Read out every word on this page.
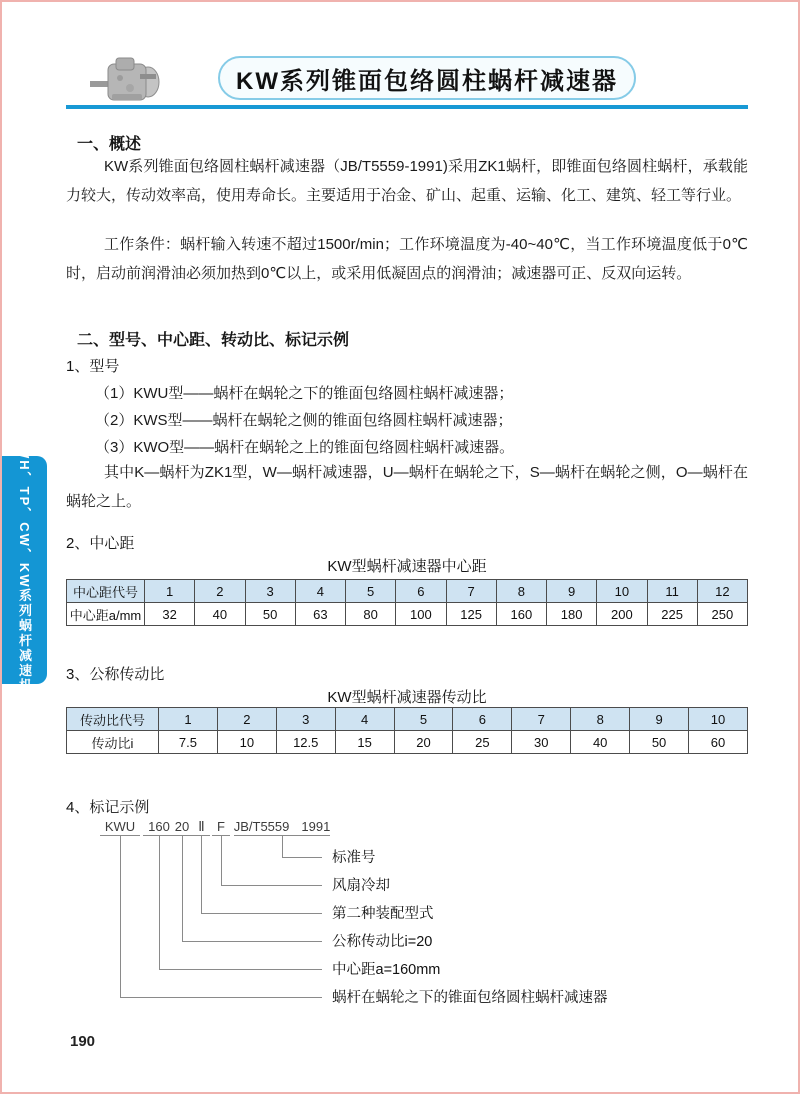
KW系列锥面包络圆柱蜗杆减速器
WH、TP、CW、KW系列蜗杆减速机
一、概述
KW系列锥面包络圆柱蜗杆减速器（JB/T5559-1991)采用ZK1蜗杆，即锥面包络圆柱蜗杆，承载能力较大，传动效率高，使用寿命长。主要适用于冶金、矿山、起重、运输、化工、建筑、轻工等行业。
工作条件：蜗杆输入转速不超过1500r/min；工作环境温度为-40~40℃，当工作环境温度低于0℃时，启动前润滑油必须加热到0℃以上，或采用低凝固点的润滑油；减速器可正、反双向运转。
二、型号、中心距、转动比、标记示例
1、型号
（1）KWU型——蜗杆在蜗轮之下的锥面包络圆柱蜗杆减速器；
（2）KWS型——蜗杆在蜗轮之侧的锥面包络圆柱蜗杆减速器；
（3）KWO型——蜗杆在蜗轮之上的锥面包络圆柱蜗杆减速器。
其中K—蜗杆为ZK1型，W—蜗杆减速器，U—蜗杆在蜗轮之下，S—蜗杆在蜗轮之侧，O—蜗杆在蜗轮之上。
2、中心距
KW型蜗杆减速器中心距
中心距代号	1	2	3	4	5	6	7	8	9	10	11	12
中心距a/mm	32	40	50	63	80	100	125	160	180	200	225	250
3、公称传动比
KW型蜗杆减速器传动比
传动比代号	1	2	3	4	5	6	7	8	9	10
传动比i	7.5	10	12.5	15	20	25	30	40	50	60
4、标记示例
KWU 160 20 Ⅱ F JB/T5559 1991
标准号
风扇冷却
第二种装配型式
公称传动比i=20
中心距a=160mm
蜗杆在蜗轮之下的锥面包络圆柱蜗杆减速器
190
